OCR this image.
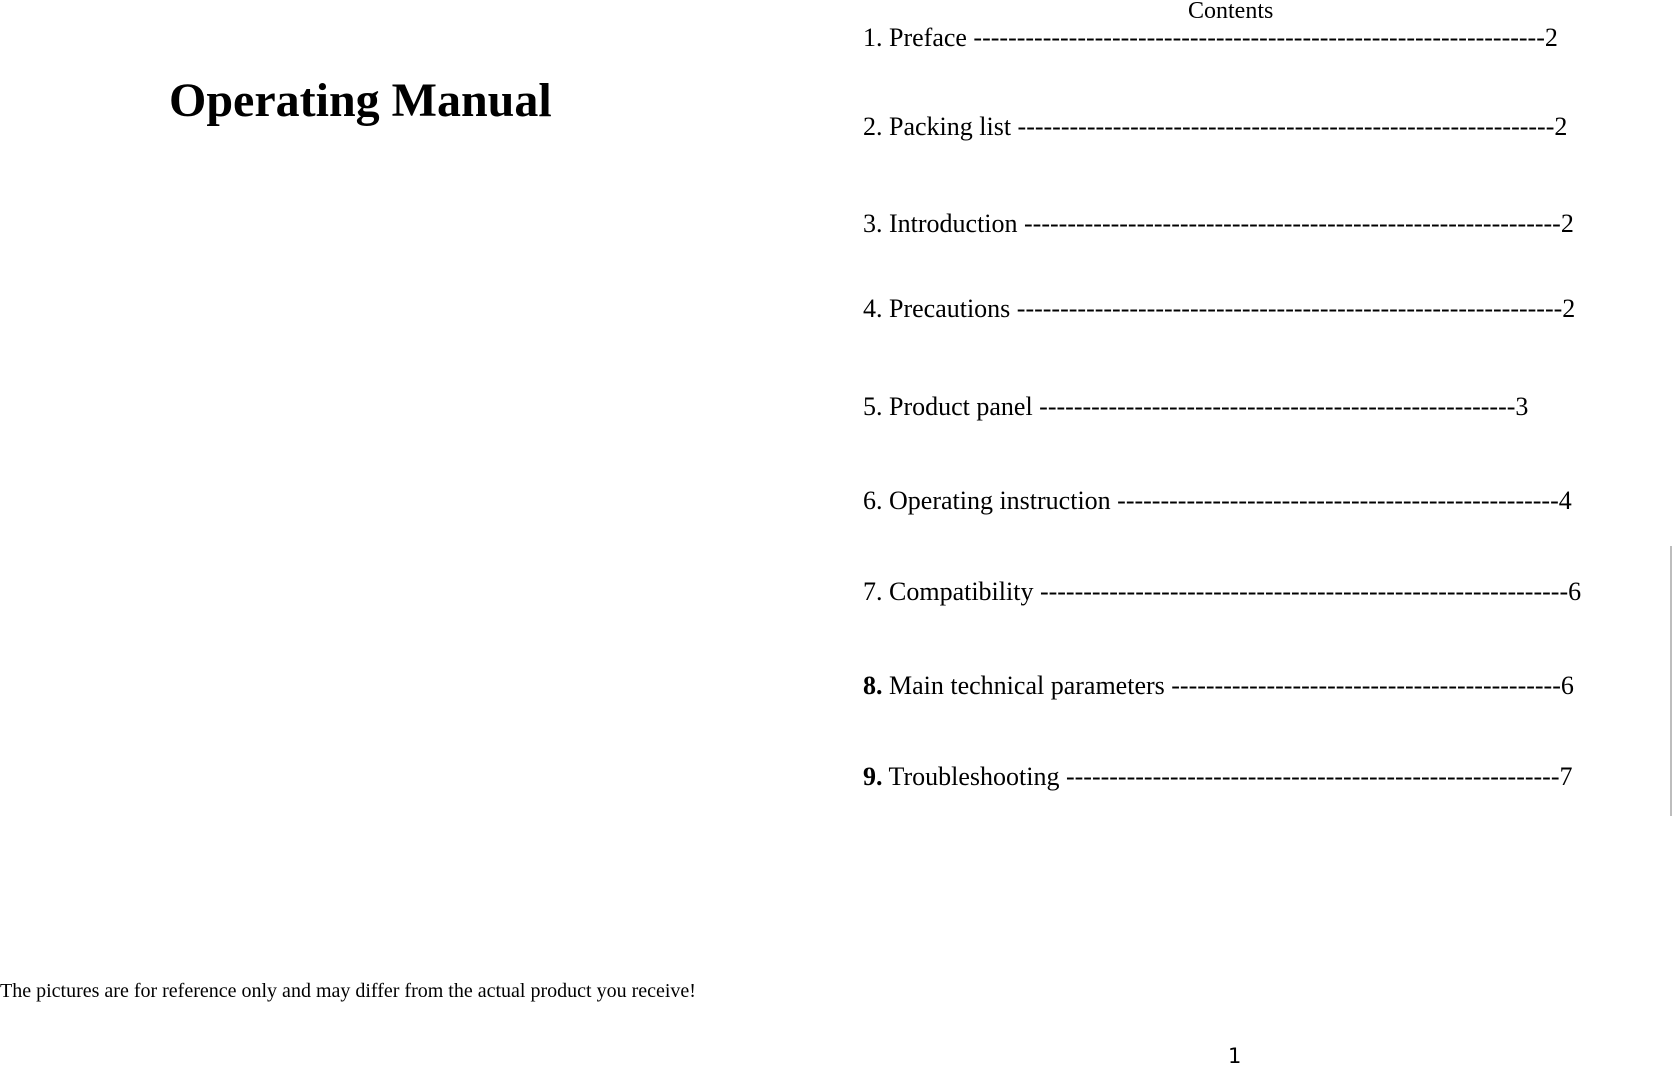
Operating Manual
The pictures are for reference only and may differ from the actual product you receive!
Contents
1. Preface ------------------------------------------------------------------2
2. Packing list --------------------------------------------------------------2
3. Introduction --------------------------------------------------------------2
4. Precautions ---------------------------------------------------------------2
5. Product panel -------------------------------------------------------3
6. Operating instruction ---------------------------------------------------4
7. Compatibility -------------------------------------------------------------6
8. Main technical parameters ---------------------------------------------6
9. Troubleshooting ---------------------------------------------------------7
1
